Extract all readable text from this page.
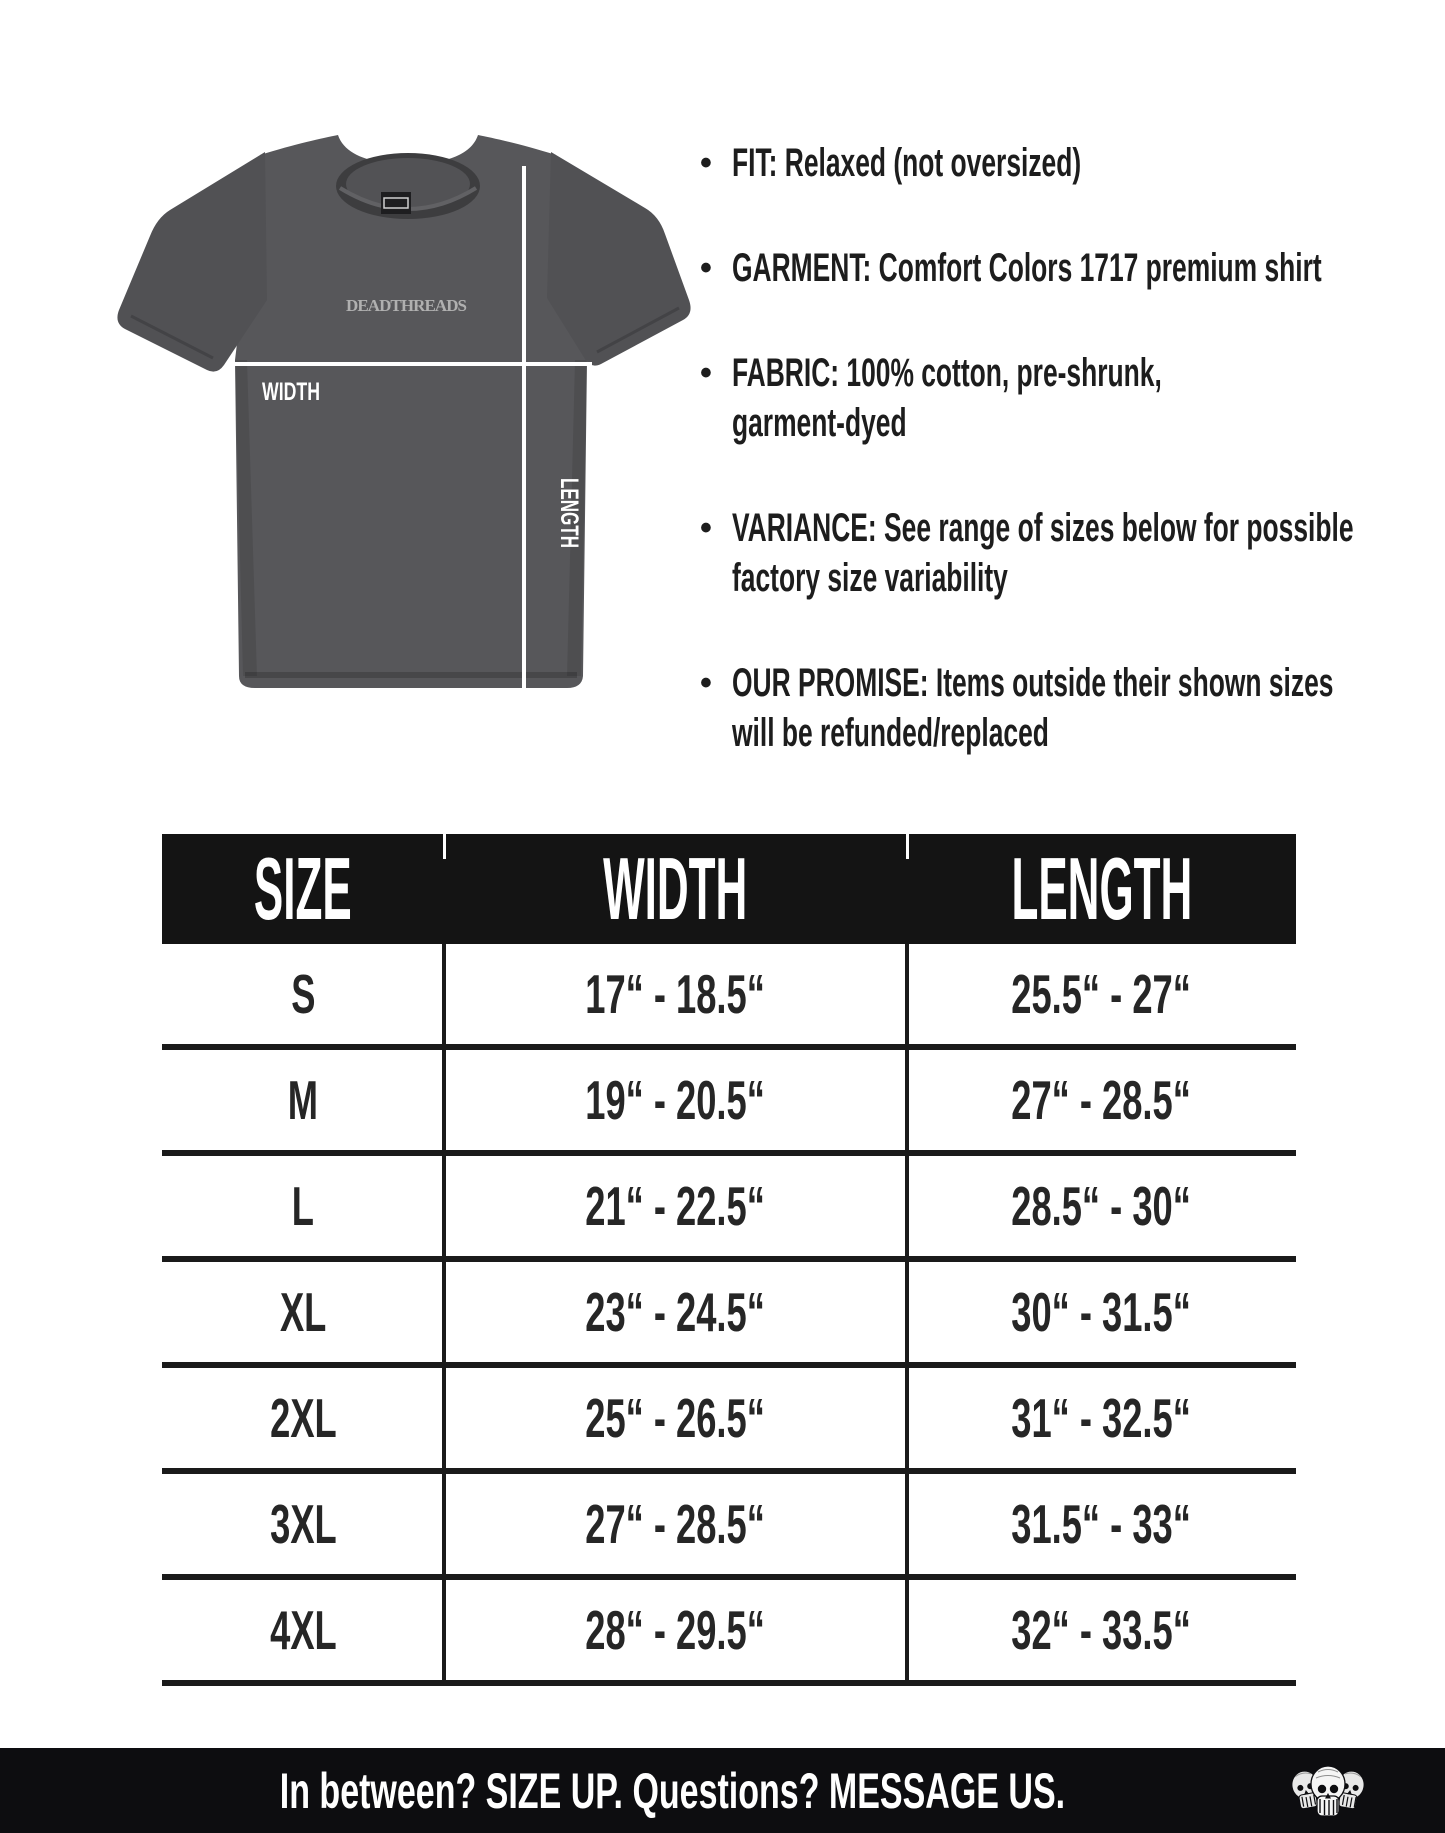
DEADTHREADS
WIDTH
LENGTH
• FIT: Relaxed (not oversized)
• GARMENT: Comfort Colors 1717 premium shirt
• FABRIC: 100% cotton, pre-shrunk,
garment-dyed
• VARIANCE: See range of sizes below for possible
factory size variability
• OUR PROMISE: Items outside their shown sizes
will be refunded/replaced
SIZE	WIDTH	LENGTH
S	17“ - 18.5“	25.5“ - 27“
M	19“ - 20.5“	27“ - 28.5“
L	21“ - 22.5“	28.5“ - 30“
XL	23“ - 24.5“	30“ - 31.5“
2XL	25“ - 26.5“	31“ - 32.5“
3XL	27“ - 28.5“	31.5“ - 33“
4XL	28“ - 29.5“	32“ - 33.5“
In between? SIZE UP. Questions? MESSAGE US.
